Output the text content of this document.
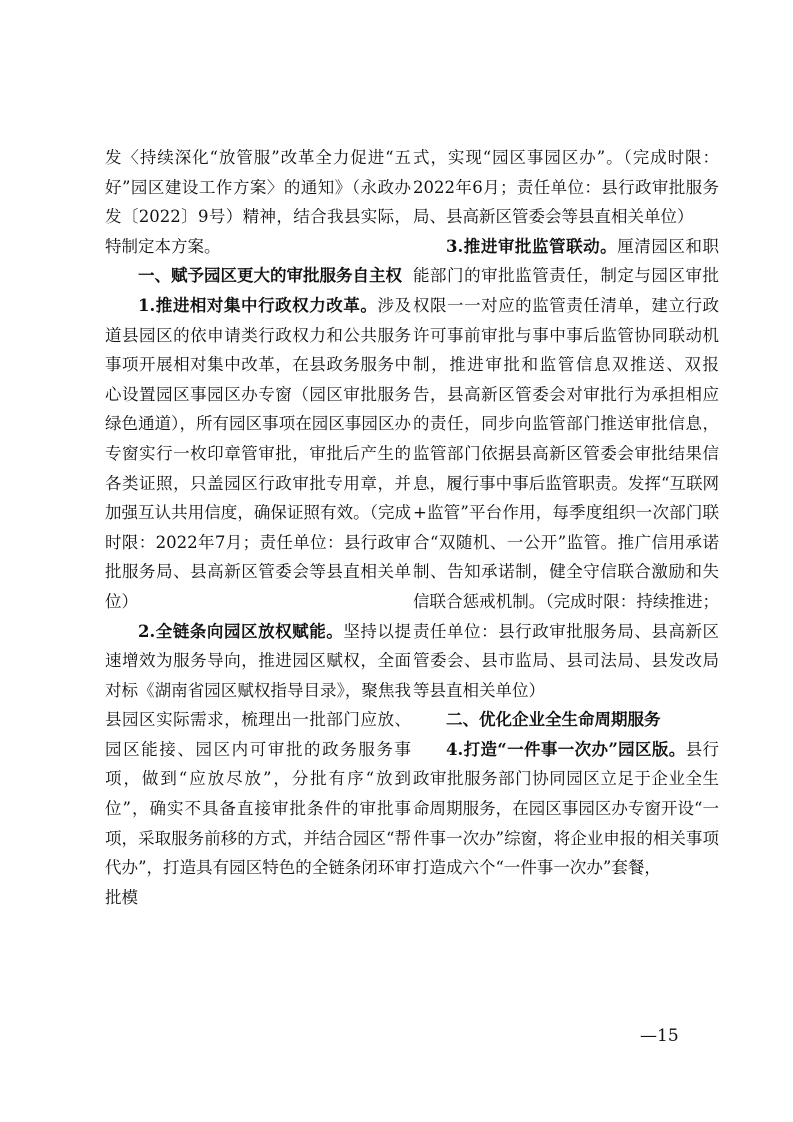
发〈持续深化“放管服”改革全力促进“五好”园区建设工作方案〉的通知》（永政办发〔2022〕9号）精神，结合我县实际，特制定本方案。

一、赋予园区更大的审批服务自主权

1.推进相对集中行政权力改革。涉及道县园区的依申请类行政权力和公共服务事项开展相对集中改革，在县政务服务中心设置园区事园区办专窗（园区审批服务绿色通道），所有园区事项在园区事园区办专窗实行一枚印章管审批，审批后产生的各类证照，只盖园区行政审批专用章，并加强互认共用信度，确保证照有效。（完成时限：2022年7月；责任单位：县行政审批服务局、县高新区管委会等县直相关单位）

2.全链条向园区放权赋能。坚持以提速增效为服务导向，推进园区赋权，全面对标《湖南省园区赋权指导目录》，聚焦我县园区实际需求，梳理出一批部门应放、园区能接、园区内可审批的政务服务事项，做到“应放尽放”，分批有序“放到位”，确实不具备直接审批条件的审批事项，采取服务前移的方式，并结合园区“帮代办”，打造具有园区特色的全链条闭环审批模

式，实现“园区事园区办”。（完成时限：2022年6月；责任单位：县行政审批服务局、县高新区管委会等县直相关单位）

3.推进审批监管联动。厘清园区和职能部门的审批监管责任，制定与园区审批权限一一对应的监管责任清单，建立行政许可事前审批与事中事后监管协同联动机制，推进审批和监管信息双推送、双报告，县高新区管委会对审批行为承担相应的责任，同步向监管部门推送审批信息，监管部门依据县高新区管委会审批结果信息，履行事中事后监管职责。发挥“互联网+监管”平台作用，每季度组织一次部门联合“双随机、一公开”监管。推广信用承诺制、告知承诺制，健全守信联合激励和失信联合惩戒机制。（完成时限：持续推进；责任单位：县行政审批服务局、县高新区管委会、县市监局、县司法局、县发改局等县直相关单位）

二、优化企业全生命周期服务

4.打造“一件事一次办”园区版。县行政审批服务部门协同园区立足于企业全生命周期服务，在园区事园区办专窗开设“一件事一次办”综窗，将企业申报的相关事项打造成六个“一件事一次办”套餐，

—15
